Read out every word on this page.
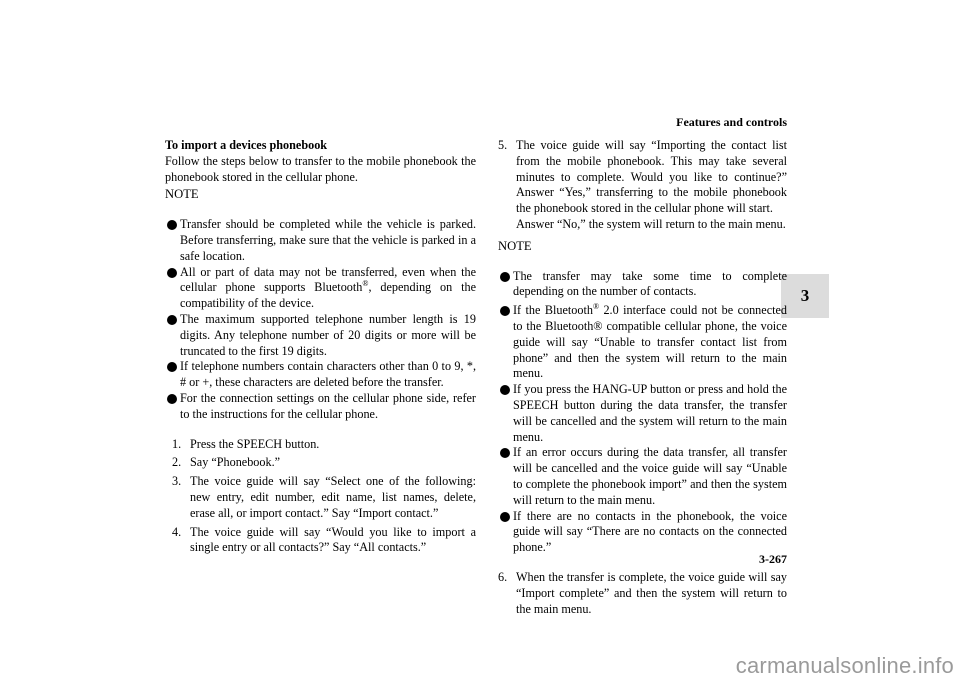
Features and controls
3
To import a devices phonebook
Follow the steps below to transfer to the mobile phonebook the phonebook stored in the cellular phone.
NOTE
Transfer should be completed while the vehicle is parked. Before transferring, make sure that the vehicle is parked in a safe location.
All or part of data may not be transferred, even when the cellular phone supports Bluetooth®, depending on the compatibility of the device.
The maximum supported telephone number length is 19 digits. Any telephone number of 20 digits or more will be truncated to the first 19 digits.
If telephone numbers contain characters other than 0 to 9, *, # or +, these characters are deleted before the transfer.
For the connection settings on the cellular phone side, refer to the instructions for the cellular phone.
1. Press the SPEECH button.
2. Say “Phonebook.”
3. The voice guide will say “Select one of the following: new entry, edit number, edit name, list names, delete, erase all, or import contact.” Say “Import contact.”
4. The voice guide will say “Would you like to import a single entry or all contacts?” Say “All contacts.”
5. The voice guide will say “Importing the contact list from the mobile phonebook. This may take several minutes to complete. Would you like to continue?” Answer “Yes,” transferring to the mobile phonebook the phonebook stored in the cellular phone will start.
Answer “No,” the system will return to the main menu.
NOTE
The transfer may take some time to complete depending on the number of contacts.
If the Bluetooth® 2.0 interface could not be connected to the Bluetooth® compatible cellular phone, the voice guide will say “Unable to transfer contact list from phone” and then the system will return to the main menu.
If you press the HANG-UP button or press and hold the SPEECH button during the data transfer, the transfer will be cancelled and the system will return to the main menu.
If an error occurs during the data transfer, all transfer will be cancelled and the voice guide will say “Unable to complete the phonebook import” and then the system will return to the main menu.
If there are no contacts in the phonebook, the voice guide will say “There are no contacts on the connected phone.”
6. When the transfer is complete, the voice guide will say “Import complete” and then the system will return to the main menu.
3-267
carmanualsonline.info
